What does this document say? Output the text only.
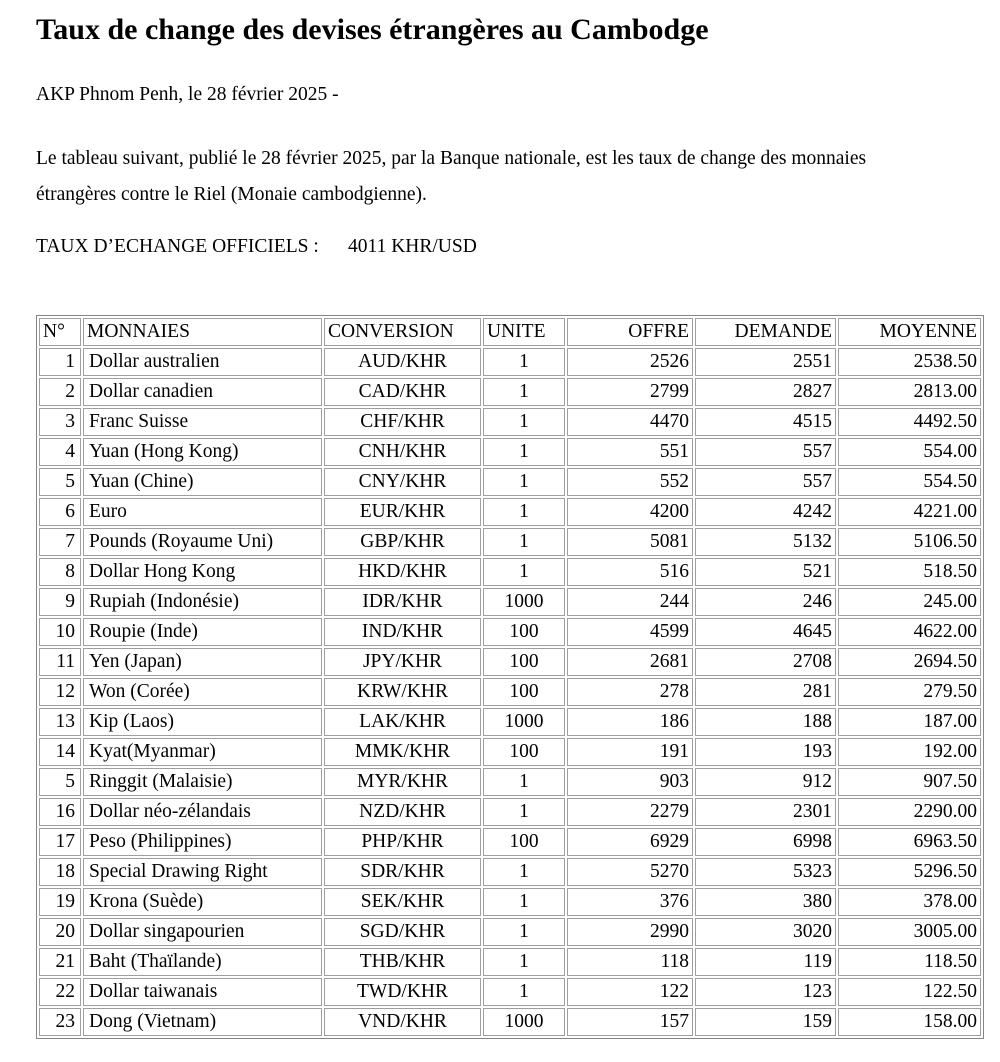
Taux de change des devises étrangères au Cambodge

AKP Phnom Penh, le 28 février 2025 -

Le tableau suivant, publié le 28 février 2025, par la Banque nationale, est les taux de change des monnaies étrangères contre le Riel (Monaie cambodgienne).

TAUX D’ECHANGE OFFICIELS :      4011 KHR/USD

N°	MONNAIES	CONVERSION	UNITE	OFFRE	DEMANDE	MOYENNE
1	Dollar australien	AUD/KHR	1	2526	2551	2538.50
2	Dollar canadien	CAD/KHR	1	2799	2827	2813.00
3	Franc Suisse	CHF/KHR	1	4470	4515	4492.50
4	Yuan (Hong Kong)	CNH/KHR	1	551	557	554.00
5	Yuan (Chine)	CNY/KHR	1	552	557	554.50
6	Euro	EUR/KHR	1	4200	4242	4221.00
7	Pounds (Royaume Uni)	GBP/KHR	1	5081	5132	5106.50
8	Dollar Hong Kong	HKD/KHR	1	516	521	518.50
9	Rupiah (Indonésie)	IDR/KHR	1000	244	246	245.00
10	Roupie (Inde)	IND/KHR	100	4599	4645	4622.00
11	Yen (Japan)	JPY/KHR	100	2681	2708	2694.50
12	Won (Corée)	KRW/KHR	100	278	281	279.50
13	Kip (Laos)	LAK/KHR	1000	186	188	187.00
14	Kyat(Myanmar)	MMK/KHR	100	191	193	192.00
5	Ringgit (Malaisie)	MYR/KHR	1	903	912	907.50
16	Dollar néo-zélandais	NZD/KHR	1	2279	2301	2290.00
17	Peso (Philippines)	PHP/KHR	100	6929	6998	6963.50
18	Special Drawing Right	SDR/KHR	1	5270	5323	5296.50
19	Krona (Suède)	SEK/KHR	1	376	380	378.00
20	Dollar singapourien	SGD/KHR	1	2990	3020	3005.00
21	Baht (Thaïlande)	THB/KHR	1	118	119	118.50
22	Dollar taiwanais	TWD/KHR	1	122	123	122.50
23	Dong (Vietnam)	VND/KHR	1000	157	159	158.00
